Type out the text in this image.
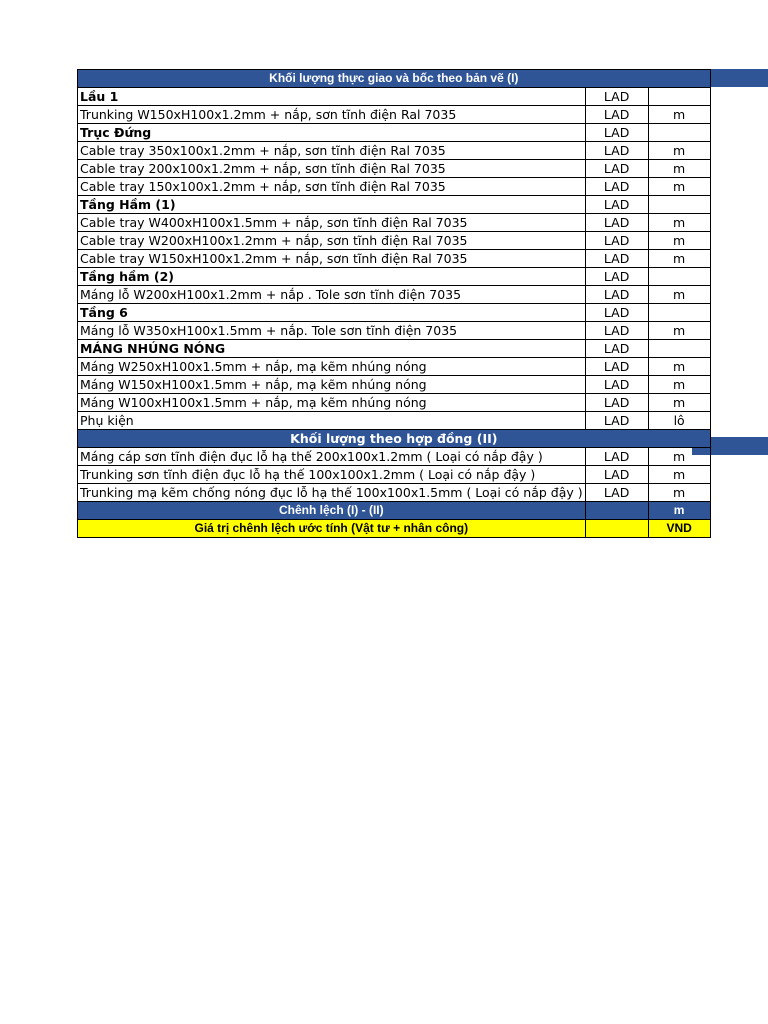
Khối lượng thực giao và bốc theo bản vẽ (I)		
Lầu 1	LAD	
Trunking W150xH100x1.2mm + nắp, sơn tĩnh điện Ral 7035	LAD	m
Trục Đứng	LAD	
Cable tray 350x100x1.2mm + nắp, sơn tĩnh điện Ral 7035	LAD	m
Cable tray 200x100x1.2mm + nắp, sơn tĩnh điện Ral 7035	LAD	m
Cable tray 150x100x1.2mm + nắp, sơn tĩnh điện Ral 7035	LAD	m
Tầng Hầm (1)	LAD	
Cable tray W400xH100x1.5mm + nắp, sơn tĩnh điện Ral 7035	LAD	m
Cable tray W200xH100x1.2mm + nắp, sơn tĩnh điện Ral 7035	LAD	m
Cable tray W150xH100x1.2mm + nắp, sơn tĩnh điện Ral 7035	LAD	m
Tầng hầm (2)	LAD	
Máng lỗ W200xH100x1.2mm + nắp . Tole sơn tĩnh điện 7035	LAD	m
Tầng 6	LAD	
Máng lỗ W350xH100x1.5mm + nắp. Tole sơn tĩnh điện 7035	LAD	m
MÁNG NHÚNG NÓNG	LAD	
Máng W250xH100x1.5mm + nắp, mạ kẽm nhúng nóng	LAD	m
Máng W150xH100x1.5mm + nắp, mạ kẽm nhúng nóng	LAD	m
Máng W100xH100x1.5mm + nắp, mạ kẽm nhúng nóng	LAD	m
Phụ kiện	LAD	lô
Khối lượng theo hợp đồng (II)		
Máng cáp sơn tĩnh điện đục lỗ hạ thế 200x100x1.2mm ( Loại có nắp đậy )	LAD	m
Trunking sơn tĩnh điện đục lỗ hạ thế 100x100x1.2mm ( Loại có nắp đậy )	LAD	m
Trunking mạ kẽm chống nóng đục lỗ hạ thế 100x100x1.5mm ( Loại có nắp đậy )	LAD	m
Chênh lệch (I) - (II)		m
Giá trị chênh lệch ước tính (Vật tư + nhân công)		VND
